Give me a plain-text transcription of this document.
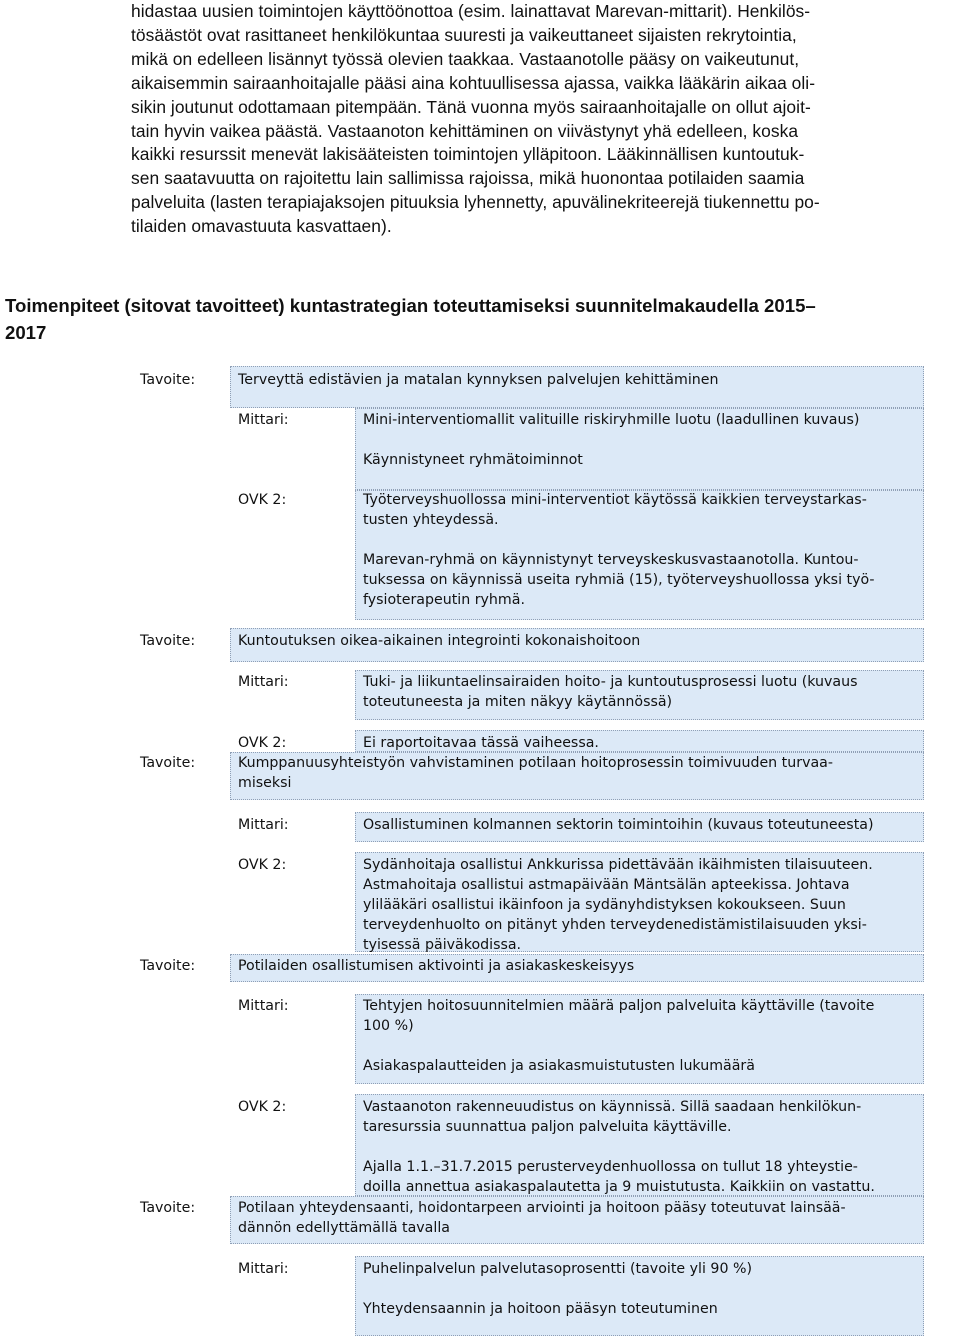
hidastaa uusien toimintojen käyttöönottoa (esim. lainattavat Marevan-mittarit). Henkilös-
tösäästöt ovat rasittaneet henkilökuntaa suuresti ja vaikeuttaneet sijaisten rekrytointia,
mikä on edelleen lisännyt työssä olevien taakkaa. Vastaanotolle pääsy on vaikeutunut,
aikaisemmin sairaanhoitajalle pääsi aina kohtuullisessa ajassa, vaikka lääkärin aikaa oli-
sikin joutunut odottamaan pitempään. Tänä vuonna myös sairaanhoitajalle on ollut ajoit-
tain hyvin vaikea päästä. Vastaanoton kehittäminen on viivästynyt yhä edelleen, koska
kaikki resurssit menevät lakisääteisten toimintojen ylläpitoon. Lääkinnällisen kuntoutuk-
sen saatavuutta on rajoitettu lain sallimissa rajoissa, mikä huonontaa potilaiden saamia
palveluita (lasten terapiajaksojen pituuksia lyhennetty, apuvälinekriteerejä tiukennettu po-
tilaiden omavastuuta kasvattaen).

Toimenpiteet (sitovat tavoitteet) kuntastrategian toteuttamiseksi suunnitelmakaudella 2015–
2017
Tavoite:	Terveyttä edistävien ja matalan kynnyksen palvelujen kehittäminen
Mittari:	Mini-interventiomallit valituille riskiryhmille luotu (laadullinen kuvaus)
Käynnistyneet ryhmätoiminnot
OVK 2:	Työterveyshuollossa mini-interventiot käytössä kaikkien terveystarkas-
tusten yhteydessä.
Marevan-ryhmä on käynnistynyt terveyskeskusvastaanotolla. Kuntou-
tuksessa on käynnissä useita ryhmiä (15), työterveyshuollossa yksi työ-
fysioterapeutin ryhmä.
Tavoite:	Kuntoutuksen oikea-aikainen integrointi kokonaishoitoon
Mittari:	Tuki- ja liikuntaelinsairaiden hoito- ja kuntoutusprosessi luotu (kuvaus
toteutuneesta ja miten näkyy käytännössä)
OVK 2:	Ei raportoitavaa tässä vaiheessa.
Tavoite:	Kumppanuusyhteistyön vahvistaminen potilaan hoitoprosessin toimivuuden turvaa-
miseksi
Mittari:	Osallistuminen kolmannen sektorin toimintoihin (kuvaus toteutuneesta)
OVK 2:	Sydänhoitaja osallistui Ankkurissa pidettävään ikäihmisten tilaisuuteen.
Astmahoitaja osallistui astmapäivään Mäntsälän apteekissa. Johtava
ylilääkäri osallistui ikäinfoon ja sydänyhdistyksen kokoukseen. Suun
terveydenhuolto on pitänyt yhden terveydenedistämistilaisuuden yksi-
tyisessä päiväkodissa.
Tavoite:	Potilaiden osallistumisen aktivointi ja asiakaskeskeisyys
Mittari:	Tehtyjen hoitosuunnitelmien määrä paljon palveluita käyttäville (tavoite
100 %)
Asiakaspalautteiden ja asiakasmuistutusten lukumäärä
OVK 2:	Vastaanoton rakenneuudistus on käynnissä. Sillä saadaan henkilökun-
taresurssia suunnattua paljon palveluita käyttäville.
Ajalla 1.1.–31.7.2015 perusterveydenhuollossa on tullut 18 yhteystie-
doilla annettua asiakaspalautetta ja 9 muistutusta. Kaikkiin on vastattu.
Tavoite:	Potilaan yhteydensaanti, hoidontarpeen arviointi ja hoitoon pääsy toteutuvat lainsää-
dännön edellyttämällä tavalla
Mittari:	Puhelinpalvelun palvelutasoprosentti (tavoite yli 90 %)
Yhteydensaannin ja hoitoon pääsyn toteutuminen
